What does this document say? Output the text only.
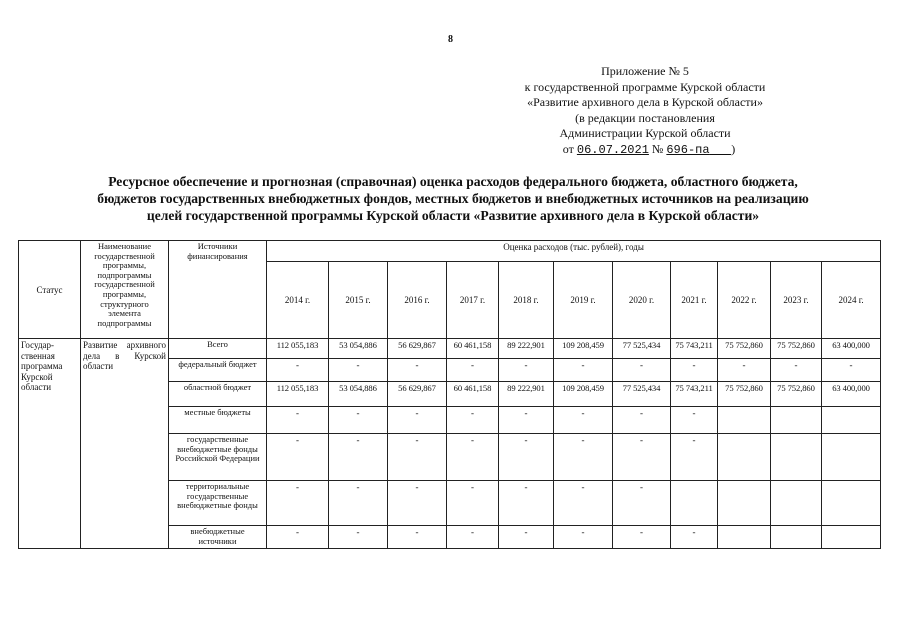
8
Приложение № 5
к государственной программе Курской области
«Развитие архивного дела в Курской области»
(в редакции постановления
Администрации Курской области
от 06.07.2021 № 696-па )
Ресурсное обеспечение и прогнозная (справочная) оценка расходов федерального бюджета, областного бюджета,
бюджетов государственных внебюджетных фондов, местных бюджетов и внебюджетных источников на реализацию
целей государственной программы Курской области «Развитие архивного дела в Курской области»
Статус	Наименование государственной программы, подпрограммы государственной программы, структурного элемента подпрограммы	Источники финансирования	Оценка расходов (тыс. рублей), годы										
			2014 г.	2015 г.	2016 г.	2017 г.	2018 г.	2019 г.	2020 г.	2021 г.	2022 г.	2023 г.	2024 г.
Государ-ственная программа Курской области	Развитие архивного дела в Курской области	Всего	112 055,183	53 054,886	56 629,867	60 461,158	89 222,901	109 208,459	77 525,434	75 743,211	75 752,860	75 752,860	63 400,000
		федеральный бюджет	-	-	-	-	-	-	-	-	-	-	-
		областной бюджет	112 055,183	53 054,886	56 629,867	60 461,158	89 222,901	109 208,459	77 525,434	75 743,211	75 752,860	75 752,860	63 400,000
		местные бюджеты	-	-	-	-	-	-	-	-			
		государственные внебюджетные фонды Российской Федерации	-	-	-	-	-	-	-	-			
		территориальные государственные внебюджетные фонды	-	-	-	-	-	-	-				
		внебюджетные источники	-	-	-	-	-	-	-	-			
